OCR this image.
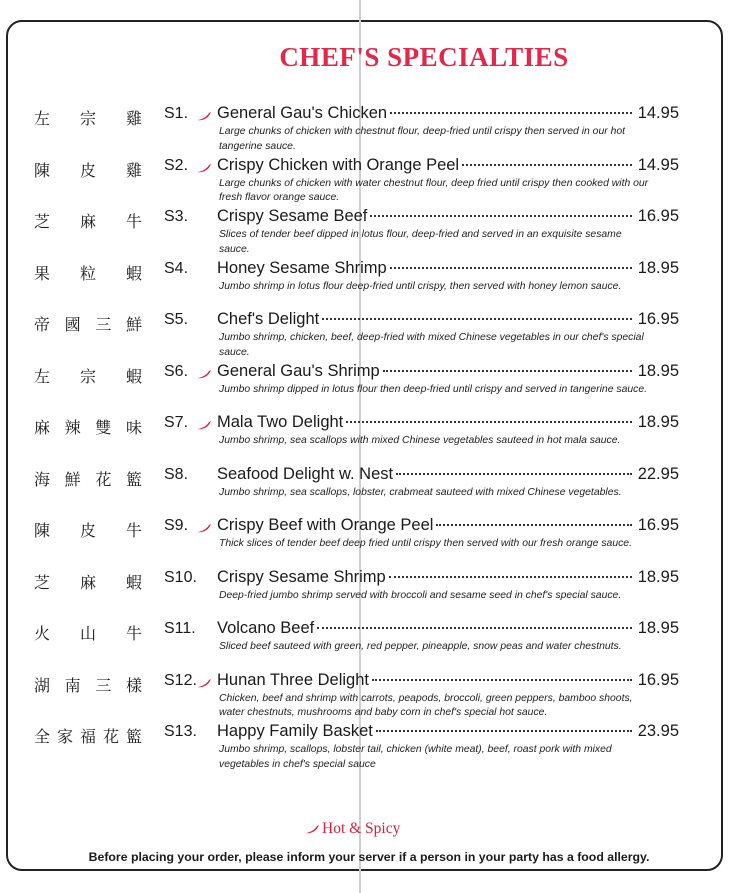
CHEF'S SPECIALTIES
左 宗 雞 S1. General Gau's Chicken	14.95
Large chunks of chicken with chestnut flour, deep-fried until crispy then served in our hot tangerine sauce.
陳 皮 雞 S2. Crispy Chicken with Orange Peel	14.95
Large chunks of chicken with water chestnut flour, deep fried until crispy then cooked with our fresh flavor orange sauce.
芝 麻 牛 S3. Crispy Sesame Beef	16.95
Slices of tender beef dipped in lotus flour, deep-fried and served in an exquisite sesame sauce.
果 粒 蝦 S4. Honey Sesame Shrimp	18.95
Jumbo shrimp in lotus flour deep-fried until crispy, then served with honey lemon sauce.
帝 國 三 鮮 S5. Chef's Delight	16.95
Jumbo shrimp, chicken, beef, deep-fried with mixed Chinese vegetables in our chef's special sauce.
左 宗 蝦 S6. General Gau's Shrimp	18.95
Jumbo shrimp dipped in lotus flour then deep-fried until crispy and served in tangerine sauce.
麻 辣 雙 味 S7. Mala Two Delight	18.95
Jumbo shrimp, sea scallops with mixed Chinese vegetables sauteed in hot mala sauce.
海 鮮 花 籃 S8. Seafood Delight w. Nest	22.95
Jumbo shrimp, sea scallops, lobster, crabmeat sauteed with mixed Chinese vegetables.
陳 皮 牛 S9. Crispy Beef with Orange Peel	16.95
Thick slices of tender beef deep fried until crispy then served with our fresh orange sauce.
芝 麻 蝦 S10. Crispy Sesame Shrimp	18.95
Deep-fried jumbo shrimp served with broccoli and sesame seed in chef's special sauce.
火 山 牛 S11. Volcano Beef	18.95
Sliced beef sauteed with green, red pepper, pineapple, snow peas and water chestnuts.
湖 南 三 樣 S12. Hunan Three Delight	16.95
Chicken, beef and shrimp with carrots, peapods, broccoli, green peppers, bamboo shoots, water chestnuts, mushrooms and baby corn in chef's special hot sauce.
全 家 福 花 籃 S13. Happy Family Basket	23.95
Jumbo shrimp, scallops, lobster tail, chicken (white meat), beef, roast pork with mixed vegetables in chef's special sauce
Hot & Spicy
Before placing your order, please inform your server if a person in your party has a food allergy.
